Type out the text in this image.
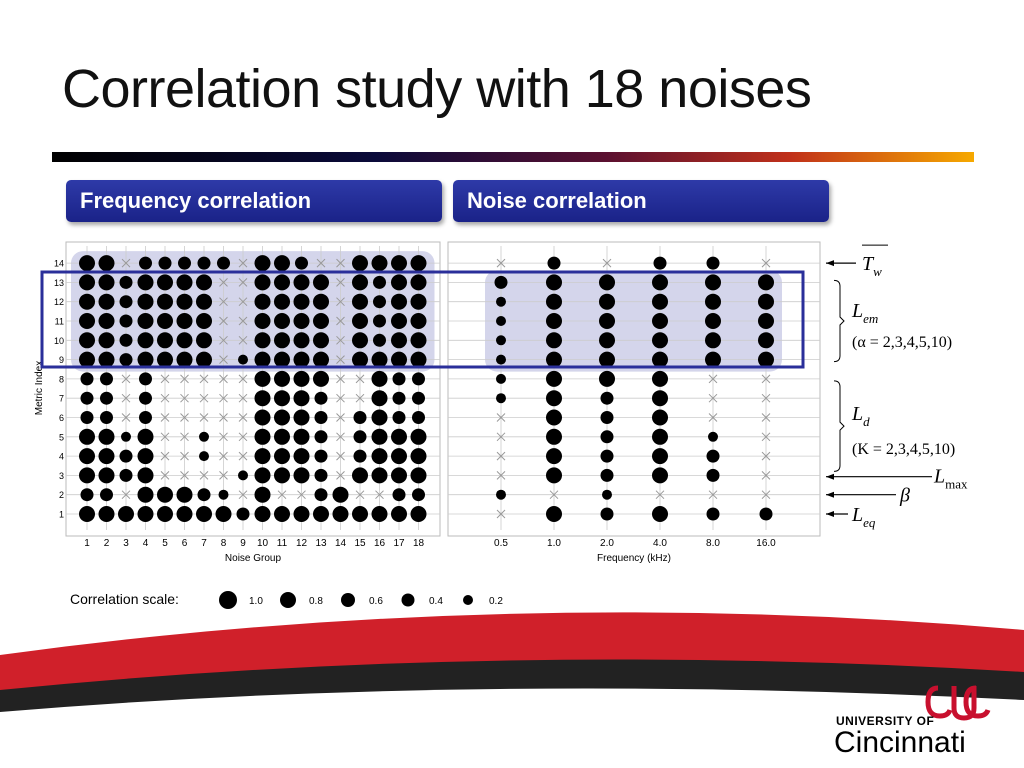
Correlation study with 18 noises
Frequency correlation	Noise correlation
1 2 3 4 5 6 7 8 9 10 11 12 13 14 15 16 17 18
Noise Group
1
2
3
4
5
6
7
8
9
10
11
12
13
14
Metric Index
0.5	1.0	2.0	4.0	8.0	16.0
Frequency (kHz)
$T_w$
$L_{em}$
(α = 2,3,4,5,10)
$L_d$
(K = 2,3,4,5,10)
$L_{max}$
β
$L_{eq}$
1.0	0.8	0.6	0.4	0.2
Correlation scale:
UNIVERSITY OF
Cincinnati
